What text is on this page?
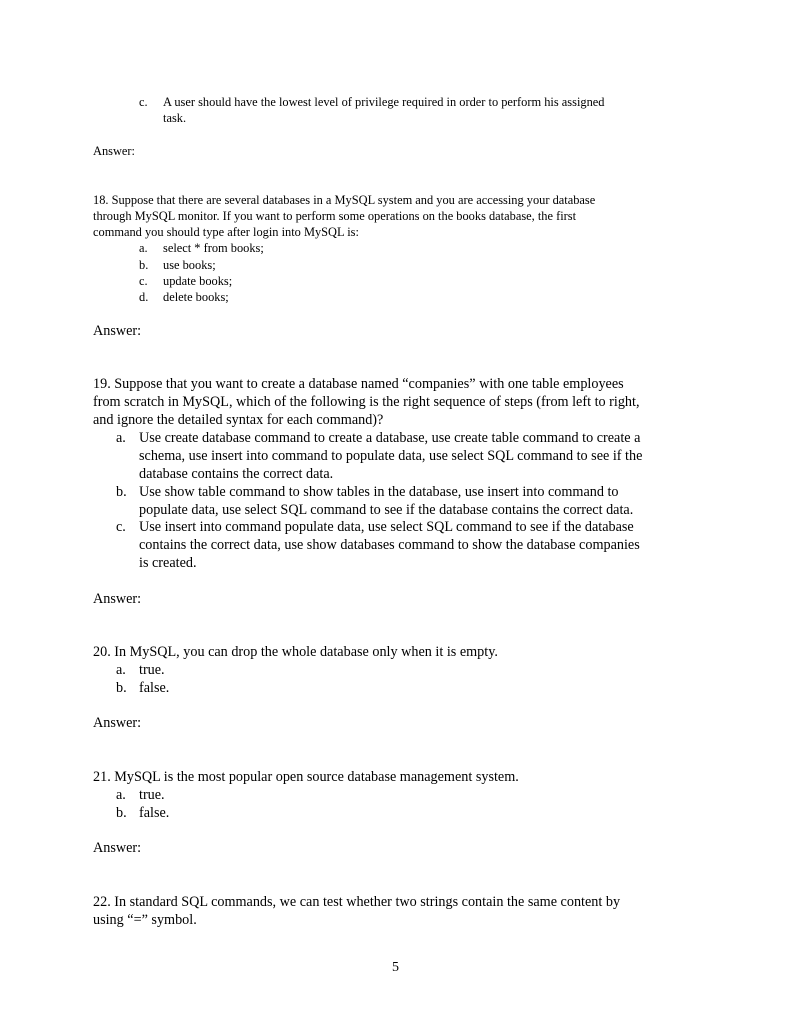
c. A user should have the lowest level of privilege required in order to perform his assigned
task.
Answer:
18. Suppose that there are several databases in a MySQL system and you are accessing your database
through MySQL monitor. If you want to perform some operations on the books database, the first
command you should type after login into MySQL is:
a. select * from books;
b. use books;
c. update books;
d. delete books;
Answer:
19. Suppose that you want to create a database named “companies” with one table employees
from scratch in MySQL, which of the following is the right sequence of steps (from left to right,
and ignore the detailed syntax for each command)?
a. Use create database command to create a database, use create table command to create a
schema, use insert into command to populate data, use select SQL command to see if the
database contains the correct data.
b. Use show table command to show tables in the database, use insert into command to
populate data, use select SQL command to see if the database contains the correct data.
c. Use insert into command populate data, use select SQL command to see if the database
contains the correct data, use show databases command to show the database companies
is created.
Answer:
20. In MySQL, you can drop the whole database only when it is empty.
a. true.
b. false.
Answer:
21. MySQL is the most popular open source database management system.
a. true.
b. false.
Answer:
22. In standard SQL commands, we can test whether two strings contain the same content by
using “=” symbol.
5
